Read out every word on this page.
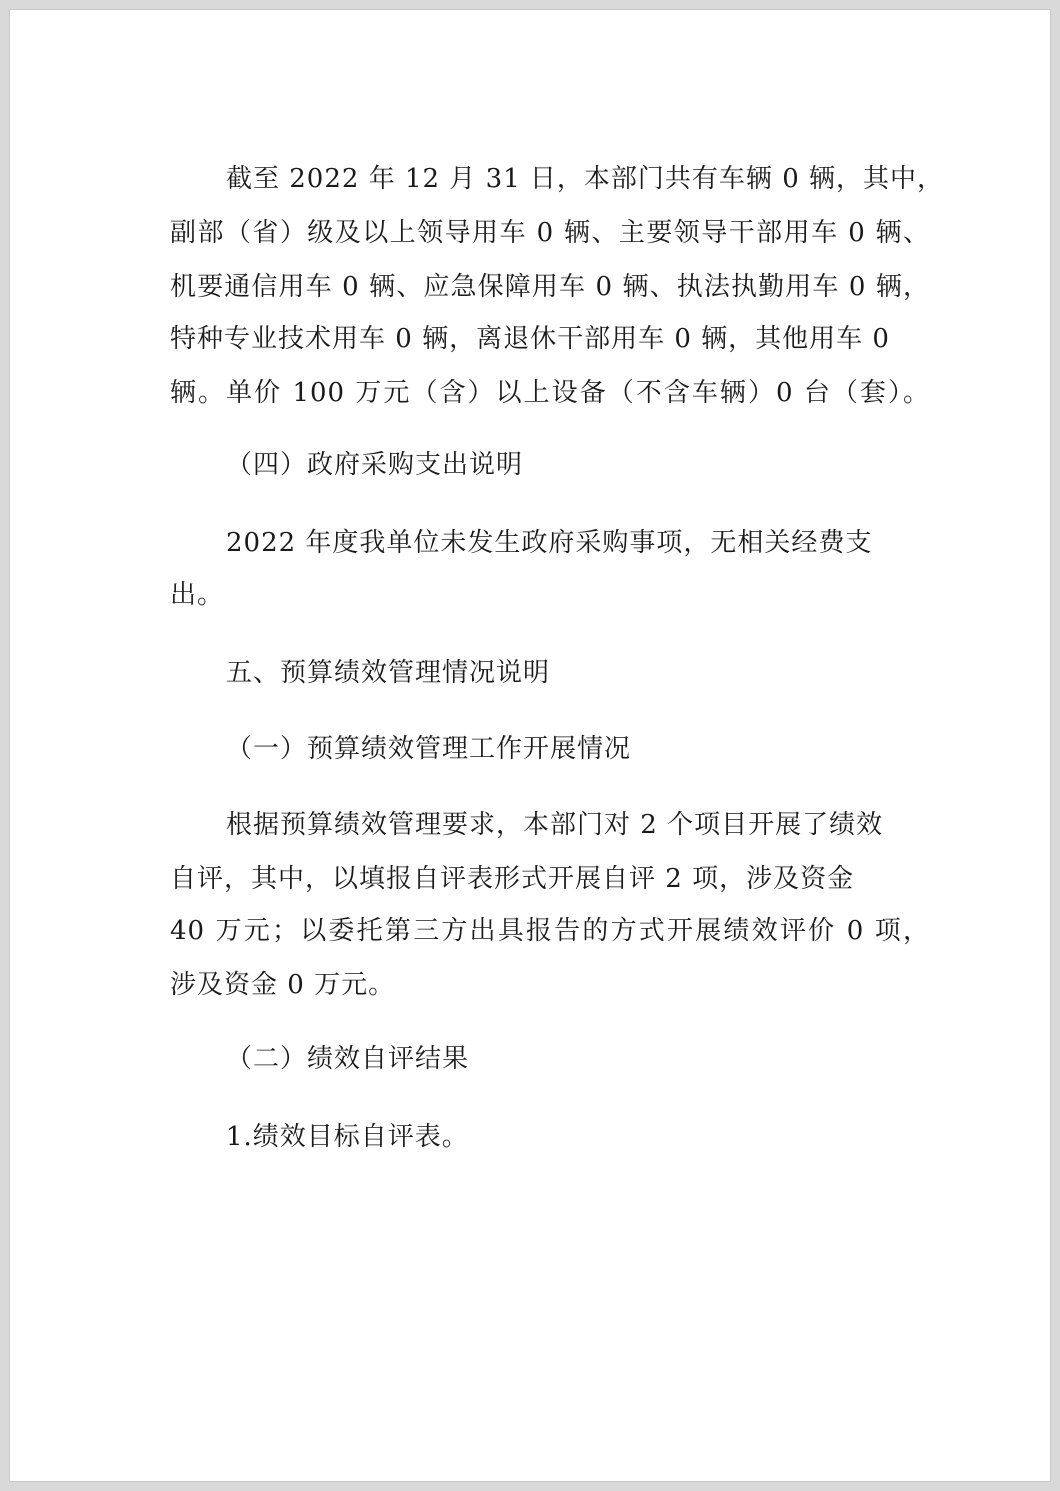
截至 2022 年 12 月 31 日，本部门共有车辆 0 辆，其中，
副部（省）级及以上领导用车 0 辆、主要领导干部用车 0 辆、
机要通信用车 0 辆、应急保障用车 0 辆、执法执勤用车 0 辆，
特种专业技术用车 0 辆，离退休干部用车 0 辆，其他用车 0
辆。单价 100 万元（含）以上设备（不含车辆）0 台（套）。
（四）政府采购支出说明
2022 年度我单位未发生政府采购事项，无相关经费支
出。
五、预算绩效管理情况说明
（一）预算绩效管理工作开展情况
根据预算绩效管理要求，本部门对 2 个项目开展了绩效
自评，其中，以填报自评表形式开展自评 2 项，涉及资金
40 万元；以委托第三方出具报告的方式开展绩效评价 0 项，
涉及资金 0 万元。
（二）绩效自评结果
1.绩效目标自评表。
